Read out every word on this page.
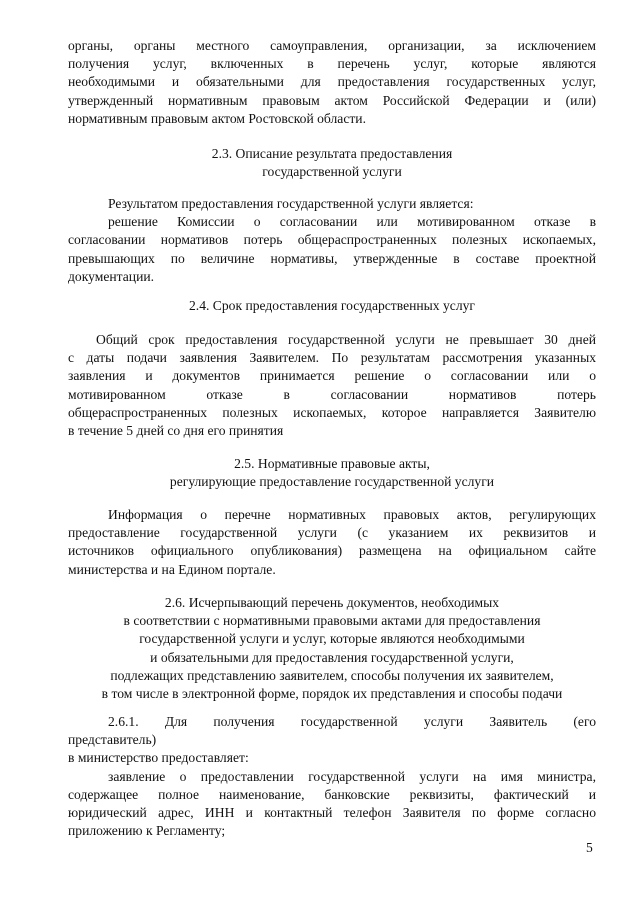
органы, органы местного самоуправления, организации, за исключением
получения услуг, включенных в перечень услуг, которые являются
необходимыми и обязательными для предоставления государственных услуг,
утвержденный нормативным правовым актом Российской Федерации и (или)
нормативным правовым актом Ростовской области.
2.3. Описание результата предоставления
государственной услуги
Результатом предоставления государственной услуги является:
решение Комиссии о согласовании или мотивированном отказе в
согласовании нормативов потерь общераспространенных полезных ископаемых,
превышающих по величине нормативы, утвержденные в составе проектной
документации.
2.4. Срок предоставления государственных услуг
Общий срок предоставления государственной услуги не превышает 30 дней
с даты подачи заявления Заявителем. По результатам рассмотрения указанных
заявления и документов принимается решение о согласовании или о
мотивированном отказе в согласовании нормативов потерь
общераспространенных полезных ископаемых, которое направляется Заявителю
в течение 5 дней со дня его принятия
2.5. Нормативные правовые акты,
регулирующие предоставление государственной услуги
Информация о перечне нормативных правовых актов, регулирующих
предоставление государственной услуги (с указанием их реквизитов и
источников официального опубликования) размещена на официальном сайте
министерства и на Едином портале.
2.6. Исчерпывающий перечень документов, необходимых
в соответствии с нормативными правовыми актами для предоставления
государственной услуги и услуг, которые являются необходимыми
и обязательными для предоставления государственной услуги,
подлежащих представлению заявителем, способы получения их заявителем,
в том числе в электронной форме, порядок их представления и способы подачи
2.6.1. Для получения государственной услуги Заявитель (его
представитель)
в министерство предоставляет:
заявление о предоставлении государственной услуги на имя министра,
содержащее полное наименование, банковские реквизиты, фактический и
юридический адрес, ИНН и контактный телефон Заявителя по форме согласно
приложению к Регламенту;
5
